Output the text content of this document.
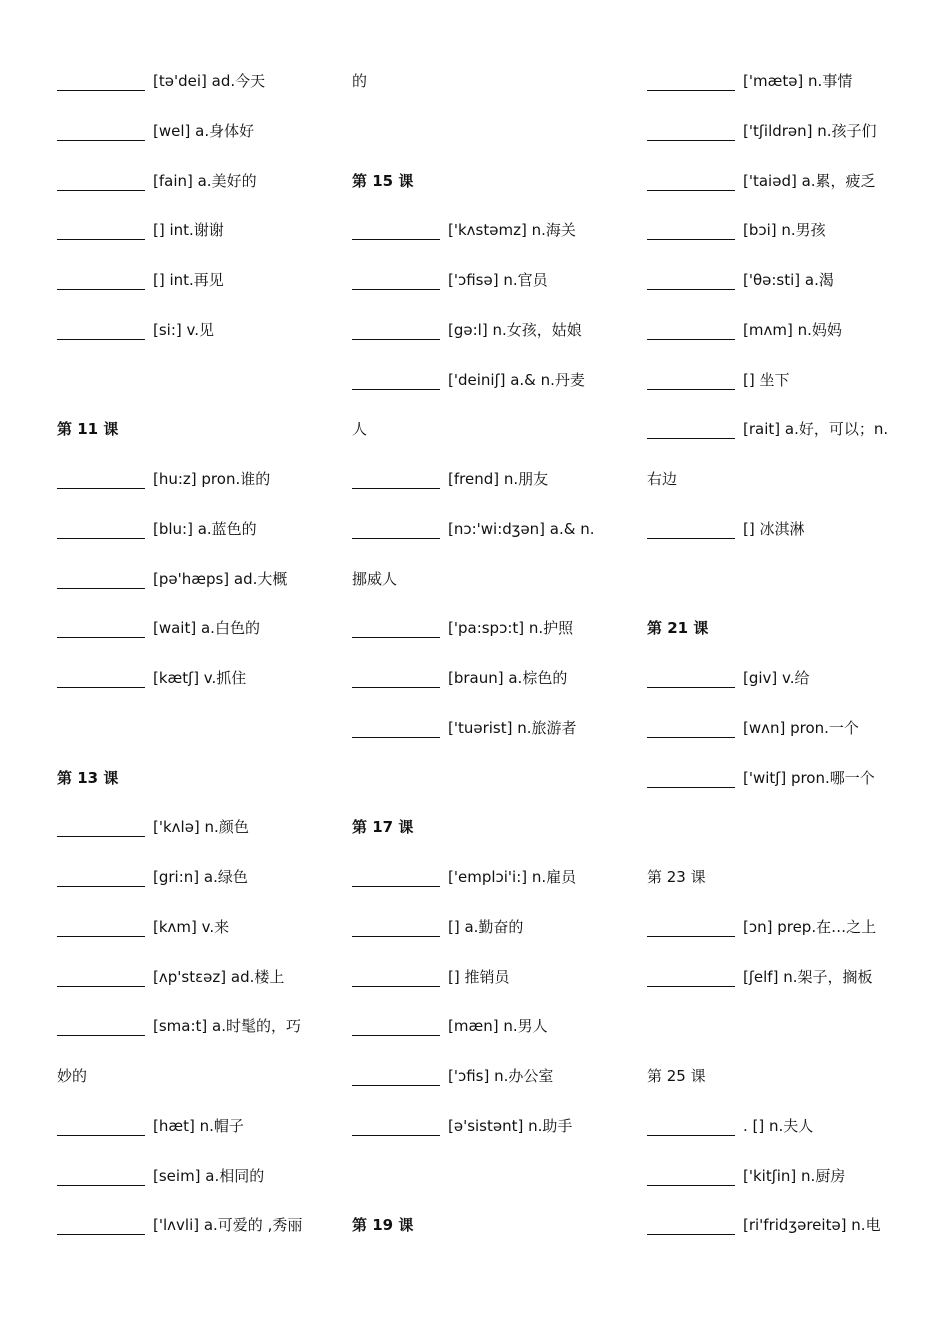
[tə'dei] ad.今天
[wel] a.身体好
[fain] a.美好的
[] int.谢谢
[] int.再见
[si:] v.见
第 11 课
[hu:z] pron.谁的
[blu:] a.蓝色的
[pə'hæps] ad.大概
[wait] a.白色的
[kætʃ] v.抓住
第 13 课
['kʌlə] n.颜色
[gri:n] a.绿色
[kʌm] v.来
[ʌp'stɛəz] ad.楼上
[sma:t] a.时髦的，巧
妙的
[hæt] n.帽子
[seim] a.相同的
['lʌvli] a.可爱的 ,秀丽
的
第 15 课
['kʌstəmz] n.海关
['ɔfisə] n.官员
[gə:l] n.女孩，姑娘
['deiniʃ] a.& n.丹麦
人
[frend] n.朋友
[nɔ:'wi:dʒən] a.& n.
挪威人
['pa:spɔ:t] n.护照
[braun] a.棕色的
['tuərist] n.旅游者
第 17 课
['emplɔi'i:] n.雇员
[] a.勤奋的
[] 推销员
[mæn] n.男人
['ɔfis] n.办公室
[ə'sistənt] n.助手
第 19 课
['mætə] n.事情
['tʃildrən] n.孩子们
['taiəd] a.累，疲乏
[bɔi] n.男孩
['θə:sti] a.渴
[mʌm] n.妈妈
[] 坐下
[rait] a.好，可以；n.
右边
[] 冰淇淋
第 21 课
[giv] v.给
[wʌn] pron.一个
['witʃ] pron.哪一个
第 23 课
[ɔn] prep.在…之上
[ʃelf] n.架子，搁板
第 25 课
. [] n.夫人
['kitʃin] n.厨房
[ri'fridʒəreitə] n.电
